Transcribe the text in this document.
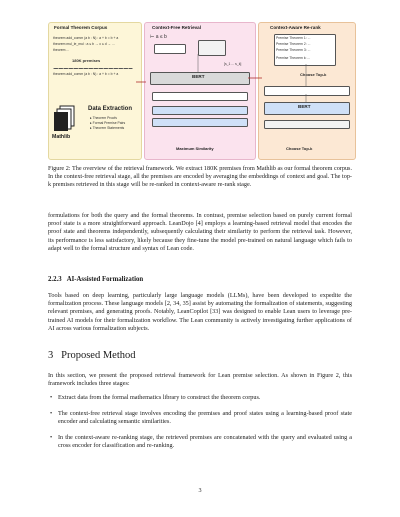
Formal Theorem Corpus
theorem add_comm (a b : N) : a + b = b + a
theorem mul_le_mul : a ≤ b → c ≤ d → ...
theorem ...
180K premises
theorem add_comm (a b : N) : a + b = b + a
Mathlib
Data Extraction
▸ Theorem Proofs
▸ Formal Premise Pairs
▸ Theorem Statements
Context-Free Retrieval
⊢ a ≤ b
BERT
[s_1 ... s_k]
Maximum Similarity
Context-Aware Re-rank
Premise Theorem 1: ...
Premise Theorem 2: ...
Premise Theorem 3: ...
Premise Theorem k: ...
Choose Top-k
BERT
Choose Top-k
Figure 2: The overview of the retrieval framework. We extract 180K premises from Mathlib as our formal theorem corpus. In the context-free retrieval stage, all the premises are encoded by averaging the embeddings of context and goal. The top-k premises retrieved in this stage will be re-ranked in context-aware re-rank stage.
formulations for both the query and the formal theorems. In contrast, premise selection based on purely current formal proof state is a more straightforward approach. LeanDojo [4] employs a learning-based retrieval model that encodes the proof state and theorems independently, subsequently calculating their similarity to perform the retrieval task. However, its performance is less satisfactory, likely because they fine-tune the model pre-trained on natural language which fails to adapt well to the formal structure and syntax of Lean code.
2.2.3 AI-Assisted Formalization
Tools based on deep learning, particularly large language models (LLMs), have been developed to expedite the formalization process. These language models [2, 34, 35] assist by automating the formalization of statements, suggesting relevant premises, and generating proofs. Notably, LeanCopilot [33] was designed to enable Lean users to leverage pre-trained AI models for their formalization workflow. The Lean community is actively investigating further applications of AI across various formalization subjects.
3 Proposed Method
In this section, we present the proposed retrieval framework for Lean premise selection. As shown in Figure 2, this framework includes three stages:
• Extract data from the formal mathematics library to construct the theorem corpus.
• The context-free retrieval stage involves encoding the premises and proof states using a learning-based proof state encoder and calculating semantic similarities.
• In the context-aware re-ranking stage, the retrieved premises are concatenated with the query and evaluated using a cross encoder for classification and re-ranking.
3
